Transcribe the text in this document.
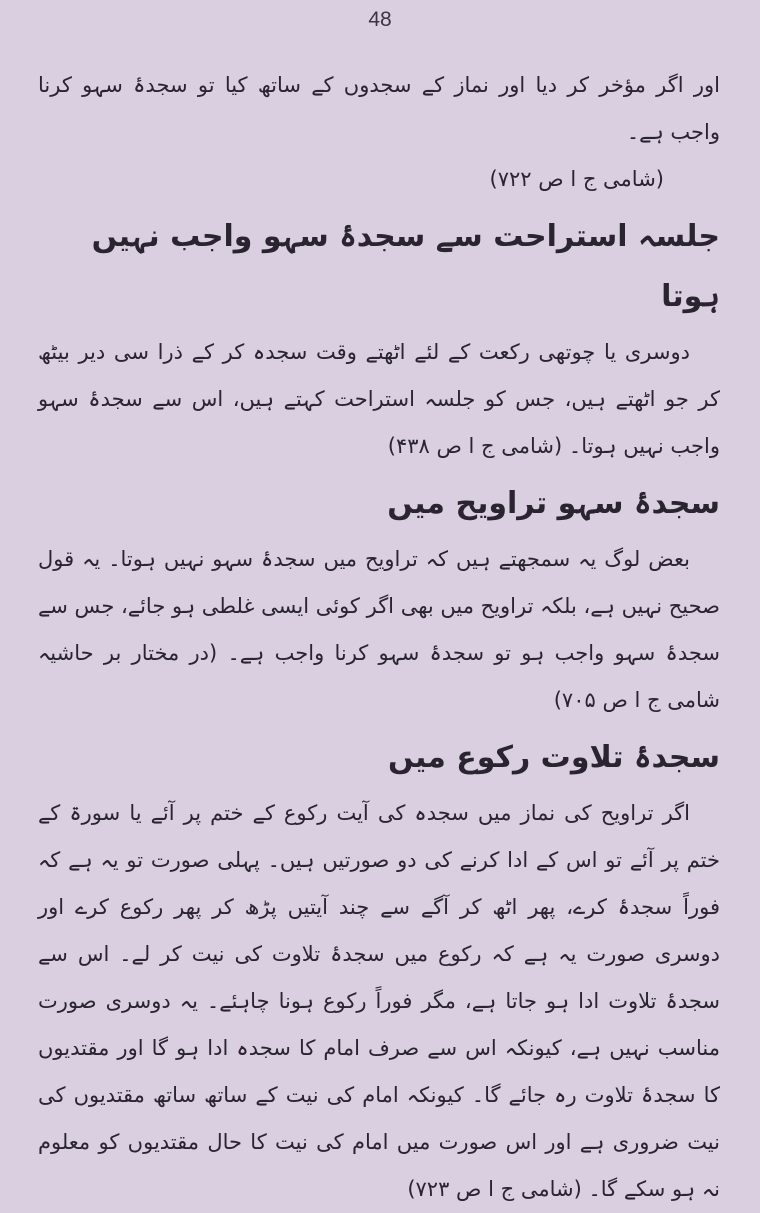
48

اور اگر مؤخر کر دیا اور نماز کے سجدوں کے ساتھ کیا تو سجدۂ سہو کرنا واجب ہے۔

(شامی ج ا ص ۷۲۲)

جلسہ استراحت سے سجدۂ سہو واجب نہیں ہوتا

دوسری یا چوتھی رکعت کے لئے اٹھتے وقت سجدہ کر کے ذرا سی دیر بیٹھ کر جو اٹھتے ہیں، جس کو جلسہ استراحت کہتے ہیں، اس سے سجدۂ سہو واجب نہیں ہوتا۔ (شامی ج ا ص ۴۳۸)

سجدۂ سہو تراویح میں

بعض لوگ یہ سمجھتے ہیں کہ تراویح میں سجدۂ سہو نہیں ہوتا۔ یہ قول صحیح نہیں ہے، بلکہ تراویح میں بھی اگر کوئی ایسی غلطی ہو جائے، جس سے سجدۂ سہو واجب ہو تو سجدۂ سہو کرنا واجب ہے۔ (در مختار بر حاشیہ شامی ج ا ص ۷۰۵)

سجدۂ تلاوت رکوع میں

اگر تراویح کی نماز میں سجدہ کی آیت رکوع کے ختم پر آئے یا سورۃ کے ختم پر آئے تو اس کے ادا کرنے کی دو صورتیں ہیں۔ پہلی صورت تو یہ ہے کہ فوراً سجدۂ کرے، پھر اٹھ کر آگے سے چند آیتیں پڑھ کر پھر رکوع کرے اور دوسری صورت یہ ہے کہ رکوع میں سجدۂ تلاوت کی نیت کر لے۔ اس سے سجدۂ تلاوت ادا ہو جاتا ہے، مگر فوراً رکوع ہونا چاہئے۔ یہ دوسری صورت مناسب نہیں ہے، کیونکہ اس سے صرف امام کا سجدہ ادا ہو گا اور مقتدیوں کا سجدۂ تلاوت رہ جائے گا۔ کیونکہ امام کی نیت کے ساتھ ساتھ مقتدیوں کی نیت ضروری ہے اور اس صورت میں امام کی نیت کا حال مقتدیوں کو معلوم نہ ہو سکے گا۔ (شامی ج ا ص ۷۲۳)
